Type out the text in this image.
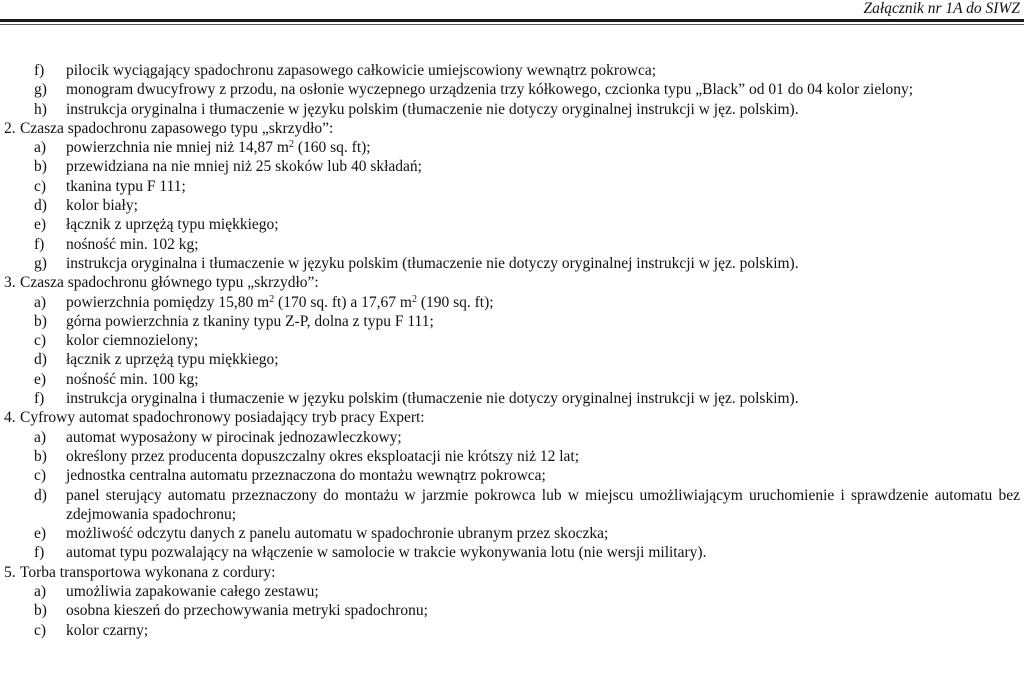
Załącznik nr 1A do SIWZ
f)	pilocik wyciągający spadochronu zapasowego całkowicie umiejscowiony wewnątrz pokrowca;
g)	monogram dwucyfrowy z przodu, na osłonie wyczepnego urządzenia trzy kółkowego, czcionka typu „Black” od 01 do 04 kolor zielony;
h)	instrukcja oryginalna i tłumaczenie w języku polskim (tłumaczenie nie dotyczy oryginalnej instrukcji w jęz. polskim).
2. Czasza spadochronu zapasowego typu „skrzydło”:
a)	powierzchnia nie mniej niż 14,87 $m^2$ (160 sq. ft);
b)	przewidziana na nie mniej niż 25 skoków lub 40 składań;
c)	tkanina typu F 111;
d)	kolor biały;
e)	łącznik z uprzężą typu miękkiego;
f)	nośność min. 102 kg;
g)	instrukcja oryginalna i tłumaczenie w języku polskim (tłumaczenie nie dotyczy oryginalnej instrukcji w jęz. polskim).
3. Czasza spadochronu głównego typu „skrzydło”:
a)	powierzchnia pomiędzy 15,80 $m^2$ (170 sq. ft) a 17,67 $m^2$ (190 sq. ft);
b)	górna powierzchnia z tkaniny typu Z-P, dolna z typu F 111;
c)	kolor ciemnozielony;
d)	łącznik z uprzężą typu miękkiego;
e)	nośność min. 100 kg;
f)	instrukcja oryginalna i tłumaczenie w języku polskim (tłumaczenie nie dotyczy oryginalnej instrukcji w jęz. polskim).
4. Cyfrowy automat spadochronowy posiadający tryb pracy Expert:
a)	automat wyposażony w pirocinak jednozawleczkowy;
b)	określony przez producenta dopuszczalny okres eksploatacji nie krótszy niż 12 lat;
c)	jednostka centralna automatu przeznaczona do montażu wewnątrz pokrowca;
d)	panel sterujący automatu przeznaczony do montażu w jarzmie pokrowca lub w miejscu umożliwiającym uruchomienie i sprawdzenie automatu bez zdejmowania spadochronu;
e)	możliwość odczytu danych z panelu automatu w spadochronie ubranym przez skoczka;
f)	automat typu pozwalający na włączenie w samolocie w trakcie wykonywania lotu (nie wersji military).
5. Torba transportowa wykonana z cordury:
a)	umożliwia zapakowanie całego zestawu;
b)	osobna kieszeń do przechowywania metryki spadochronu;
c)	kolor czarny;
